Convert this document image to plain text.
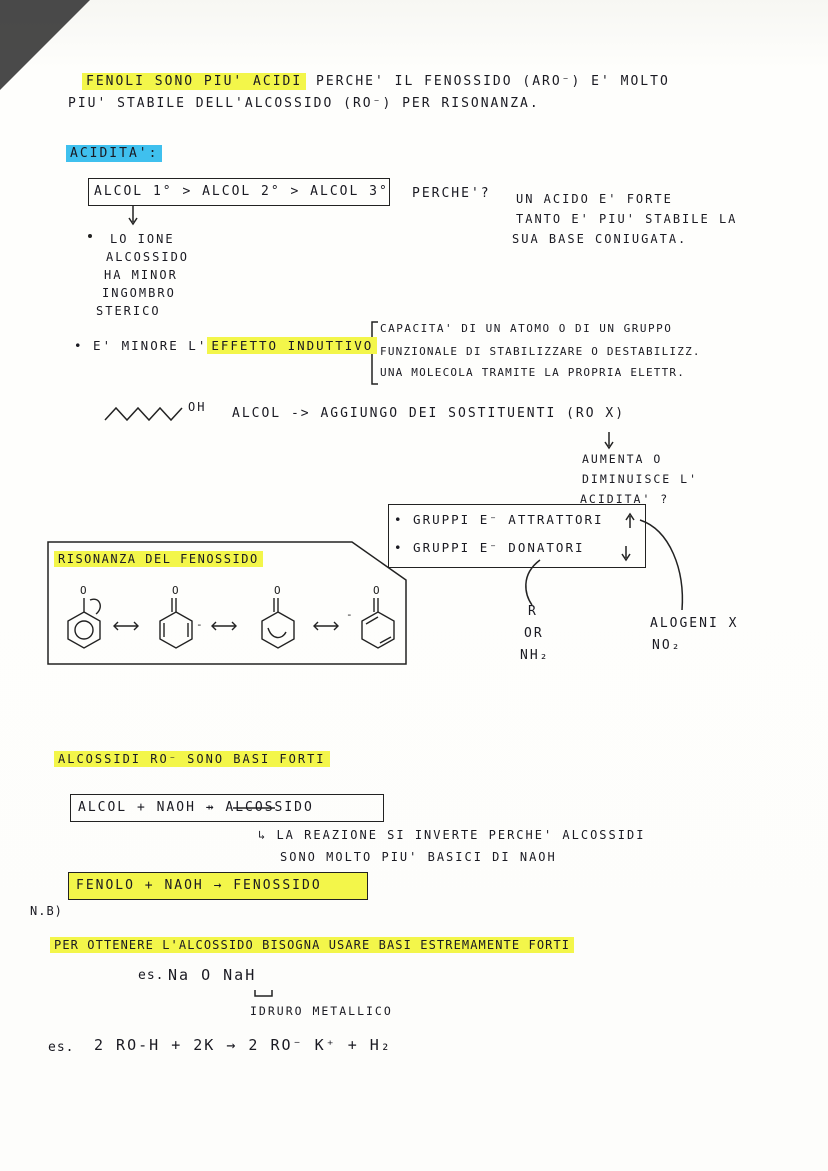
FENOLI SONO PIU' ACIDI PERCHE' IL FENOSSIDO (ARO⁻) E' MOLTO
PIU' STABILE DELL'ALCOSSIDO (RO⁻) PER RISONANZA.
ACIDITA':
ALCOL 1° > ALCOL 2° > ALCOL 3° PERCHE'? UN ACIDO E' FORTE
TANTO E' PIU' STABILE LA
SUA BASE CONIUGATA.
LO IONE
ALCOSSIDO
HA MINOR
INGOMBRO
STERICO
• E' MINORE L' EFFETTO INDUTTIVO
CAPACITA' DI UN ATOMO O DI UN GRUPPO
FUNZIONALE DI STABILIZZARE O DESTABILIZZ.
UNA MOLECOLA TRAMITE LA PROPRIA ELETTR.
OH ALCOL -> AGGIUNGO DEI SOSTITUENTI (RO X)
AUMENTA O
DIMINUISCE L'
ACIDITA' ?
• GRUPPI E⁻ ATTRATTORI
• GRUPPI E⁻ DONATORI
R
OR
NH₂
ALOGENI X
NO₂
RISONANZA DEL FENOSSIDO
O	O	O	O
-
-
ALCOSSIDI RO⁻ SONO BASI FORTI
ALCOL + NAOH ⇸ ALCOSSIDO
↳ LA REAZIONE SI INVERTE PERCHE' ALCOSSIDI
SONO MOLTO PIU' BASICI DI NAOH
FENOLO + NAOH → FENOSSIDO
N.B)
PER OTTENERE L'ALCOSSIDO BISOGNA USARE BASI ESTREMAMENTE FORTI
es. Na O NaH
IDRURO METALLICO
es. 2 RO-H + 2K → 2 RO⁻ K⁺ + H₂
